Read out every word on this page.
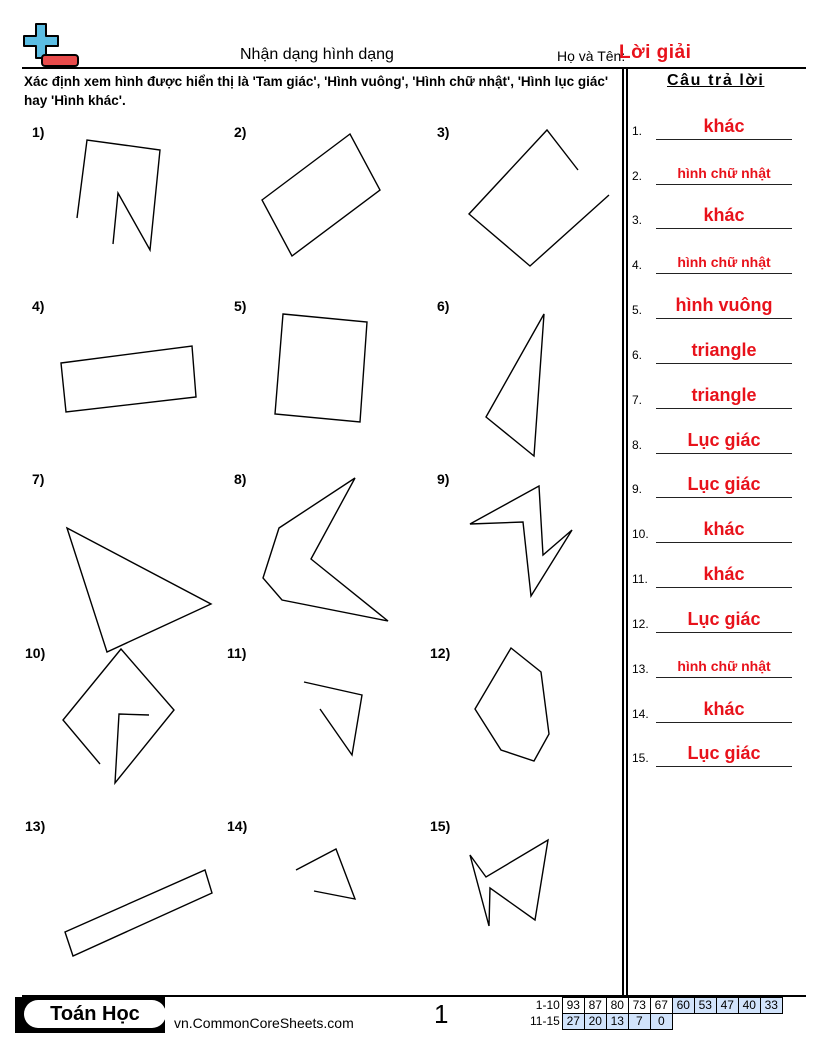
Nhận dạng hình dạng	Họ và Tên:
Lời giải
Xác định xem hình được hiển thị là 'Tam giác', 'Hình vuông', 'Hình chữ nhật', 'Hình lục giác' hay 'Hình khác'.
Câu trả lời
1)	2)	3)
4)	5)	6)
7)	8)	9)
10)	11)	12)
13)	14)	15)
1.	khác
2.	hình chữ nhật
3.	khác
4.	hình chữ nhật
5.	hình vuông
6.	triangle
7.	triangle
8.	Lục giác
9.	Lục giác
10.	khác
11.	khác
12.	Lục giác
13.	hình chữ nhật
14.	khác
15.	Lục giác
Toán Học	vn.CommonCoreSheets.com	1	1-10	93	87	80	73	67	60	53	47	40	33
11-15	27	20	13	7	0					
